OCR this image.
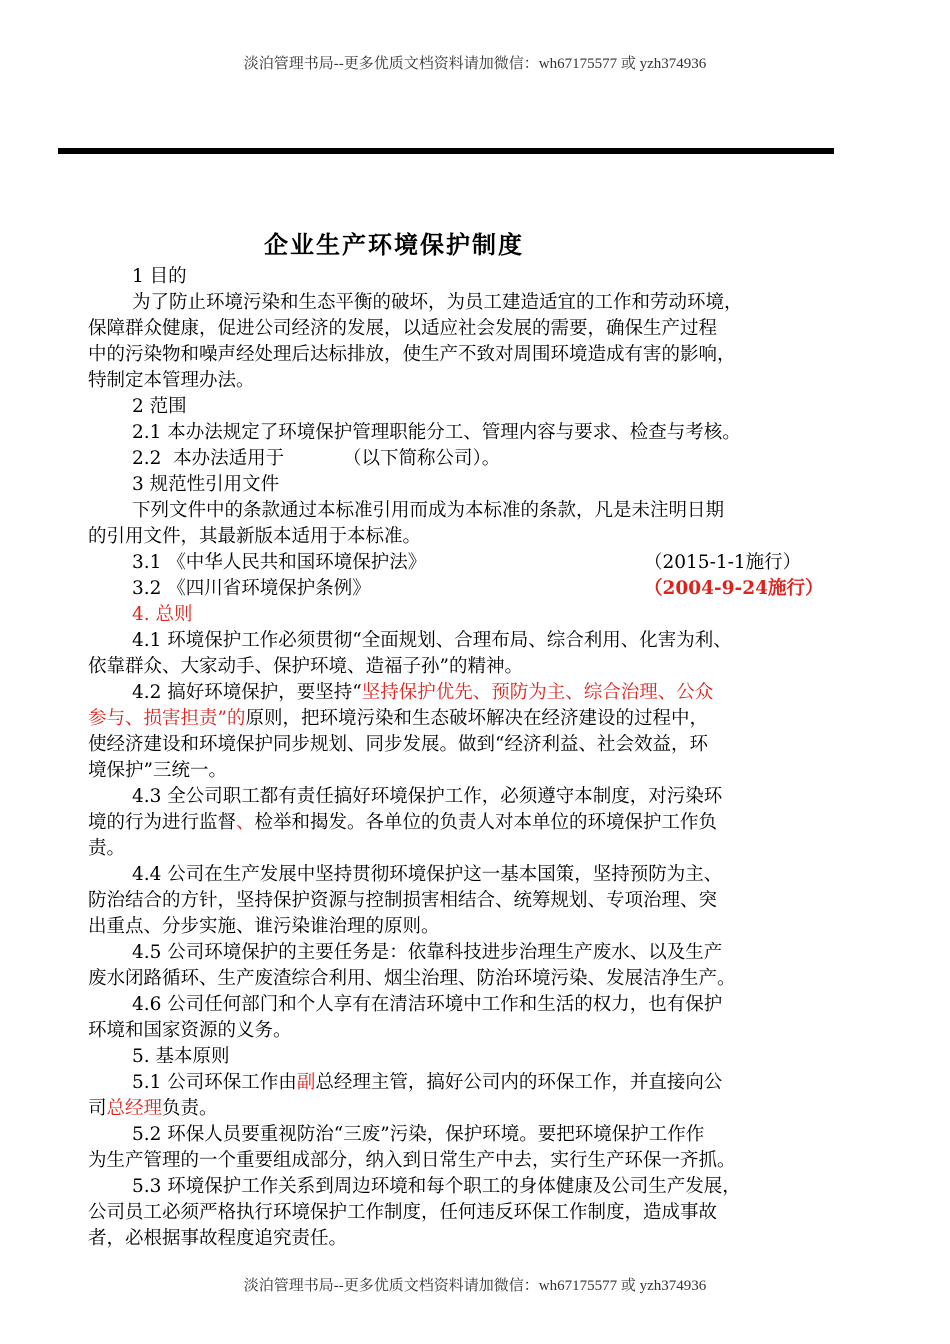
淡泊管理书局--更多优质文档资料请加微信：wh67175577 或 yzh374936
企业生产环境保护制度
1 目的
为了防止环境污染和生态平衡的破坏，为员工建造适宜的工作和劳动环境，
保障群众健康，促进公司经济的发展，以适应社会发展的需要，确保生产过程
中的污染物和噪声经处理后达标排放，使生产不致对周围环境造成有害的影响，
特制定本管理办法。
2 范围
2.1 本办法规定了环境保护管理职能分工、管理内容与要求、检查与考核。
2.2  本办法适用于          （以下简称公司）。
3 规范性引用文件
下列文件中的条款通过本标准引用而成为本标准的条款，凡是未注明日期
的引用文件，其最新版本适用于本标准。
3.1 《中华人民共和国环境保护法》	（2015-1-1施行）
3.2 《四川省环境保护条例》	（2004-9-24施行）
4. 总则
4.1 环境保护工作必须贯彻“全面规划、合理布局、综合利用、化害为利、
依靠群众、大家动手、保护环境、造福子孙”的精神。
4.2 搞好环境保护，要坚持“坚持保护优先、预防为主、综合治理、公众
参与、损害担责”的原则，把环境污染和生态破坏解决在经济建设的过程中，
使经济建设和环境保护同步规划、同步发展。做到“经济利益、社会效益，环
境保护”三统一。
4.3 全公司职工都有责任搞好环境保护工作，必须遵守本制度，对污染环
境的行为进行监督、检举和揭发。各单位的负责人对本单位的环境保护工作负
责。
4.4 公司在生产发展中坚持贯彻环境保护这一基本国策，坚持预防为主、
防治结合的方针，坚持保护资源与控制损害相结合、统筹规划、专项治理、突
出重点、分步实施、谁污染谁治理的原则。
4.5 公司环境保护的主要任务是：依靠科技进步治理生产废水、以及生产
废水闭路循环、生产废渣综合利用、烟尘治理、防治环境污染、发展洁净生产。
4.6 公司任何部门和个人享有在清洁环境中工作和生活的权力，也有保护
环境和国家资源的义务。
5. 基本原则
5.1 公司环保工作由副总经理主管，搞好公司内的环保工作，并直接向公
司总经理负责。
5.2 环保人员要重视防治“三废”污染，保护环境。要把环境保护工作作
为生产管理的一个重要组成部分，纳入到日常生产中去，实行生产环保一齐抓。
5.3 环境保护工作关系到周边环境和每个职工的身体健康及公司生产发展，
公司员工必须严格执行环境保护工作制度，任何违反环保工作制度，造成事故
者，必根据事故程度追究责任。
淡泊管理书局--更多优质文档资料请加微信：wh67175577 或 yzh374936
